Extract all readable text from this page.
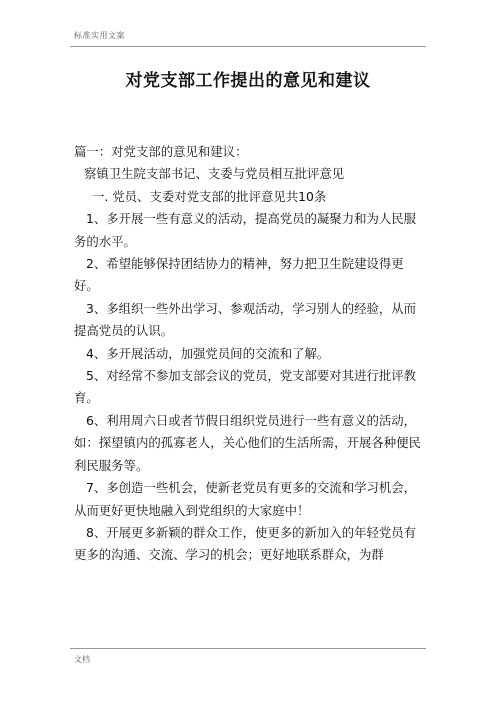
标准实用文案
对党支部工作提出的意见和建议

篇一：对党支部的意见和建议：

察镇卫生院支部书记、支委与党员相互批评意见

一. 党员、支委对党支部的批评意见共10条

1、多开展一些有意义的活动，提高党员的凝聚力和为人民服务的水平。

2、希望能够保持团结协力的精神，努力把卫生院建设得更好。

3、多组织一些外出学习、参观活动，学习别人的经验，从而提高党员的认识。

4、多开展活动，加强党员间的交流和了解。

5、对经常不参加支部会议的党员，党支部要对其进行批评教育。

6、利用周六日或者节假日组织党员进行一些有意义的活动，如：探望镇内的孤寡老人，关心他们的生活所需，开展各种便民利民服务等。

7、多创造一些机会，使新老党员有更多的交流和学习机会，从而更好更快地融入到党组织的大家庭中！

8、开展更多新颖的群众工作，使更多的新加入的年轻党员有更多的沟通、交流、学习的机会；更好地联系群众，为群

文档
